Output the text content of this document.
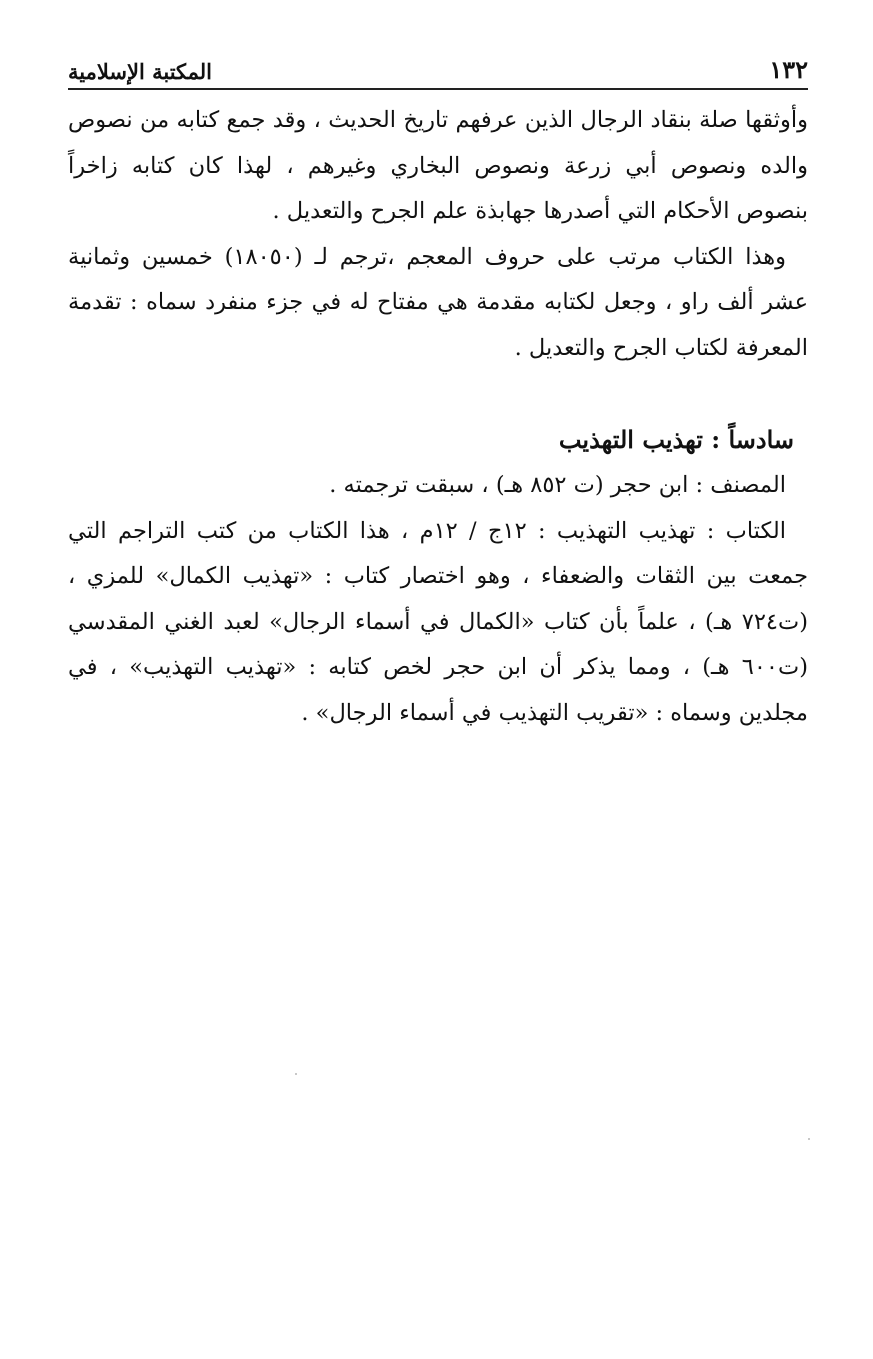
١٣٢
المكتبة الإسلامية

وأوثقها صلة بنقاد الرجال الذين عرفهم تاريخ الحديث ، وقد جمع كتابه من نصوص والده ونصوص أبي زرعة ونصوص البخاري وغيرهم ، لهذا كان كتابه زاخراً بنصوص الأحكام التي أصدرها جهابذة علم الجرح والتعديل .

وهذا الكتاب مرتب على حروف المعجم ،ترجم لـ (١٨٠٥٠) خمسين وثمانية عشر ألف راو ، وجعل لكتابه مقدمة هي مفتاح له في جزء منفرد سماه : تقدمة المعرفة لكتاب الجرح والتعديل .

سادساً : تهذيب التهذيب

المصنف : ابن حجر (ت ٨٥٢ هـ) ، سبقت ترجمته .

الكتاب : تهذيب التهذيب : ١٢ج / ١٢م ، هذا الكتاب من كتب التراجم التي جمعت بين الثقات والضعفاء ، وهو اختصار كتاب : «تهذيب الكمال» للمزي ، (ت٧٢٤ هـ) ، علماً بأن كتاب «الكمال في أسماء الرجال» لعبد الغني المقدسي (ت٦٠٠ هـ) ، ومما يذكر أن ابن حجر لخص كتابه : «تهذيب التهذيب» ، في مجلدين وسماه : «تقريب التهذيب في أسماء الرجال» .
